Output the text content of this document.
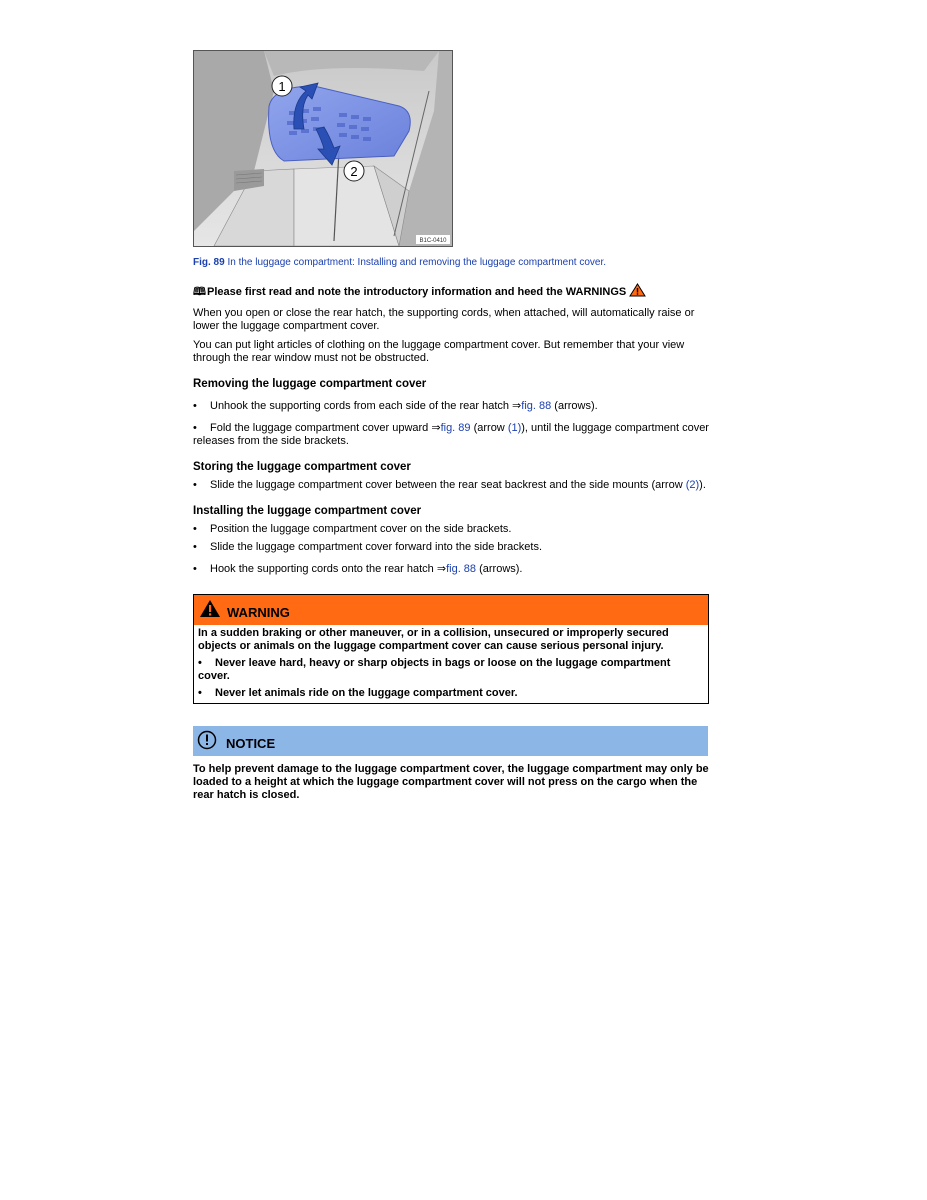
1
2
B1C-0410
Fig. 89 In the luggage compartment: Installing and removing the luggage compartment cover.
🕮 Please first read and note the introductory information and heed the WARNINGS

When you open or close the rear hatch, the supporting cords, when attached, will automatically raise or lower the luggage compartment cover.

You can put light articles of clothing on the luggage compartment cover. But remember that your view through the rear window must not be obstructed.

Removing the luggage compartment cover
• Unhook the supporting cords from each side of the rear hatch ⇒fig. 88 (arrows).
• Fold the luggage compartment cover upward ⇒fig. 89 (arrow (1)), until the luggage compartment cover releases from the side brackets.
Storing the luggage compartment cover
• Slide the luggage compartment cover between the rear seat backrest and the side mounts (arrow (2)).
Installing the luggage compartment cover
• Position the luggage compartment cover on the side brackets.
• Slide the luggage compartment cover forward into the side brackets.
• Hook the supporting cords onto the rear hatch ⇒fig. 88 (arrows).
WARNING
In a sudden braking or other maneuver, or in a collision, unsecured or improperly secured objects or animals on the luggage compartment cover can cause serious personal injury.
• Never leave hard, heavy or sharp objects in bags or loose on the luggage compartment cover.
• Never let animals ride on the luggage compartment cover.
NOTICE
To help prevent damage to the luggage compartment cover, the luggage compartment may only be loaded to a height at which the luggage compartment cover will not press on the cargo when the rear hatch is closed.
